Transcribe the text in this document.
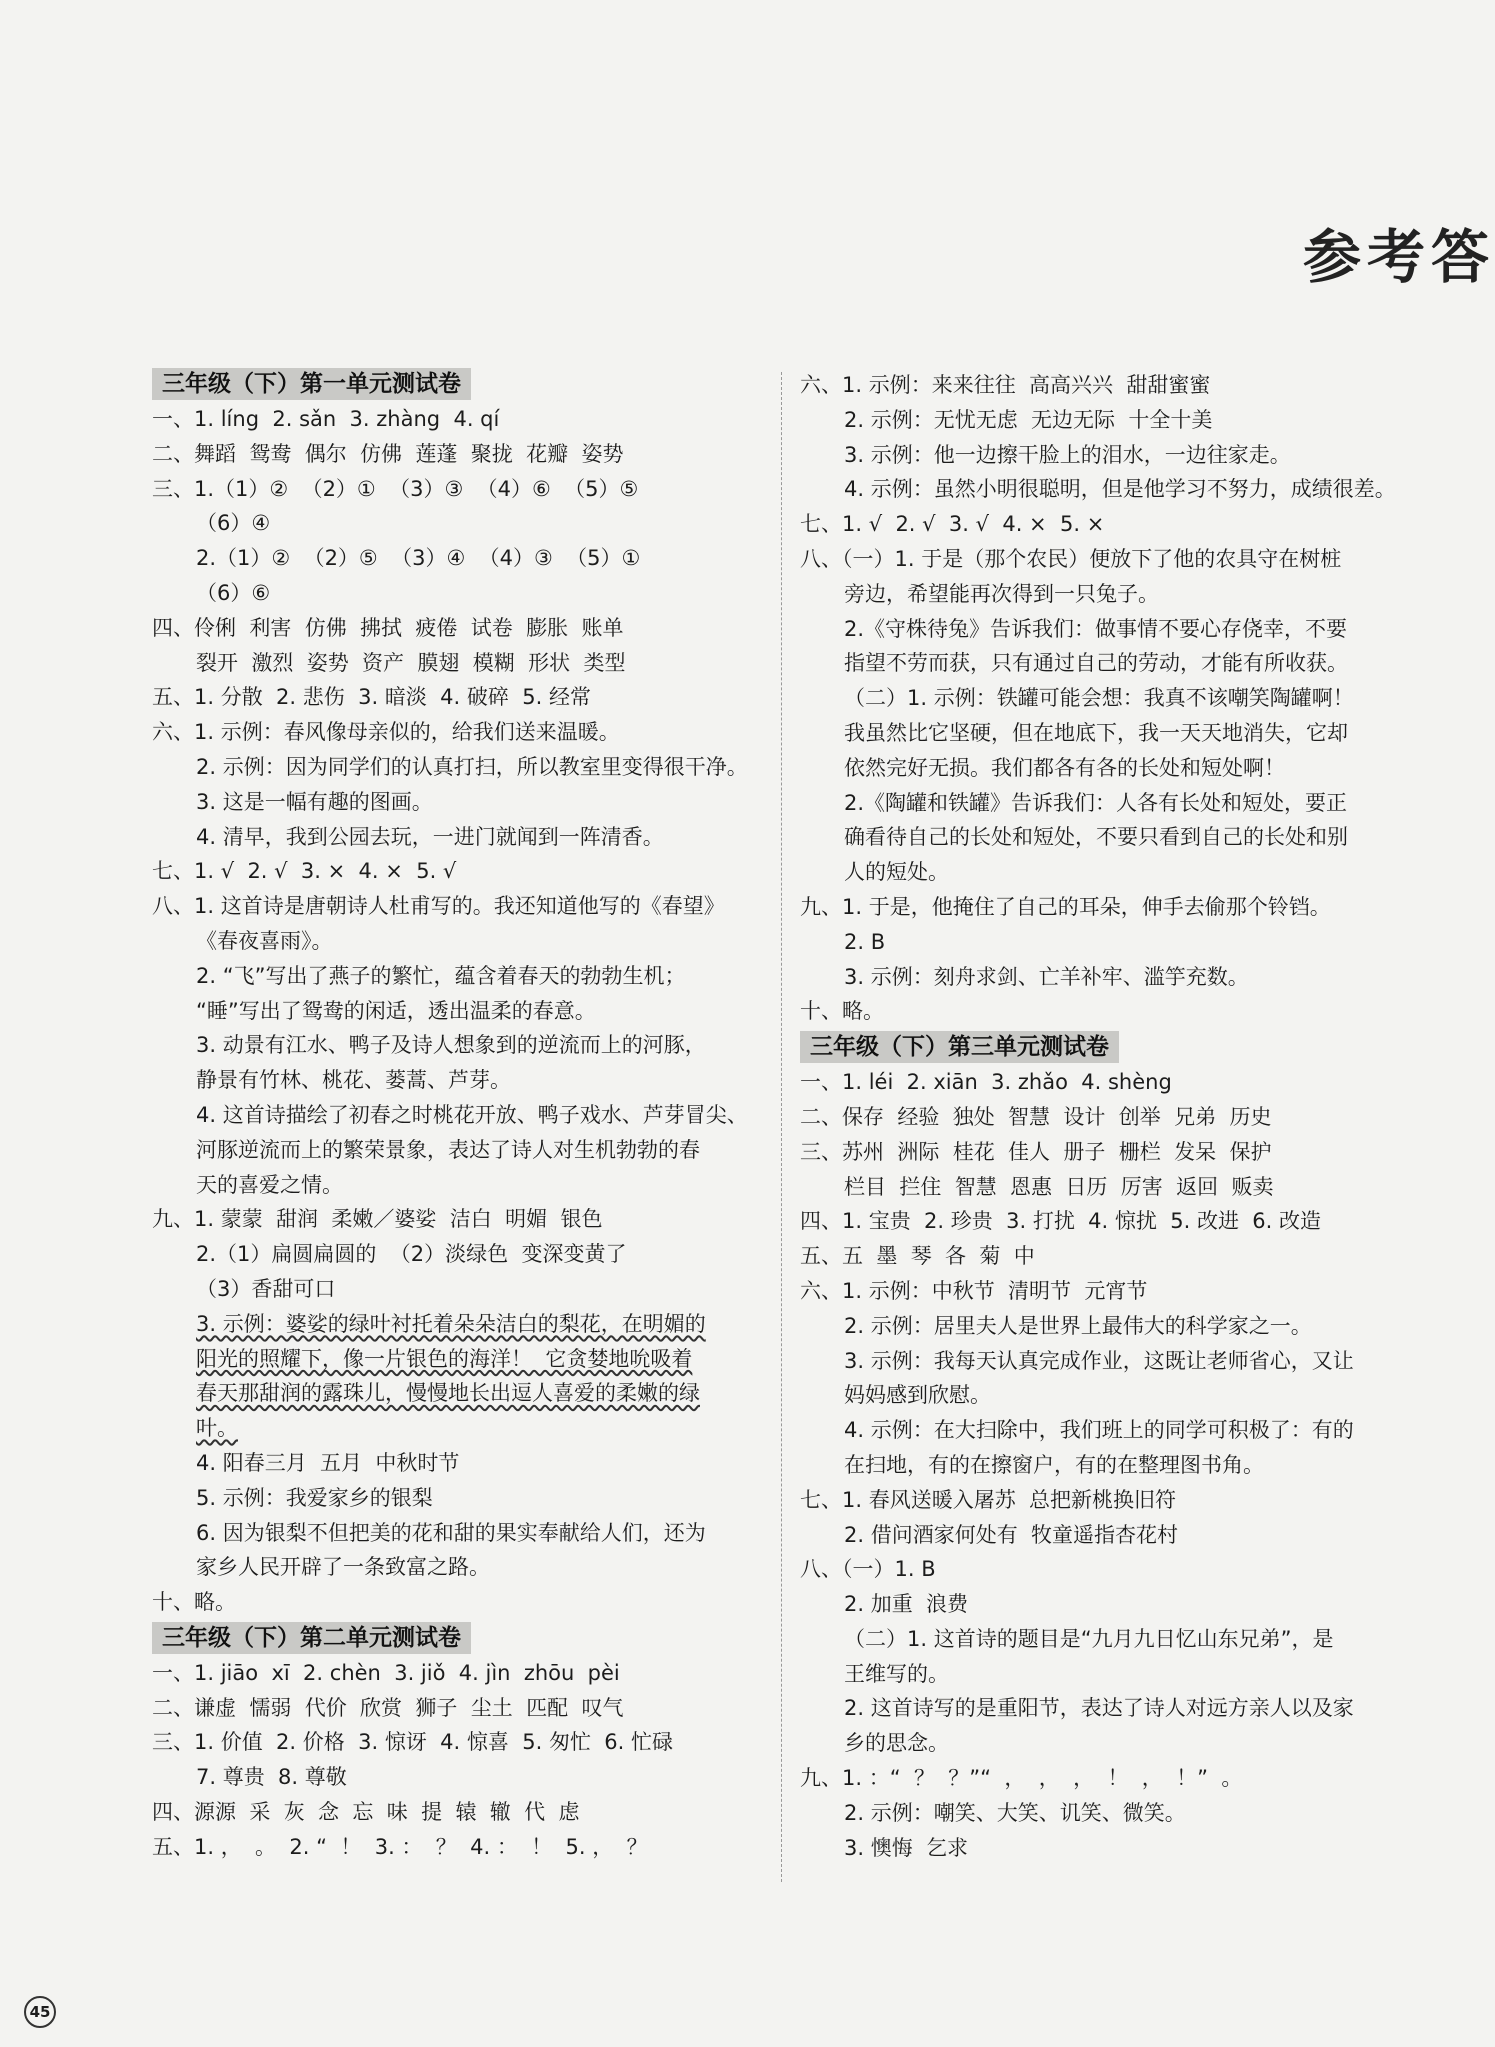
参考答
三年级（下）第一单元测试卷

一、1. líng  2. sǎn  3. zhàng  4. qí
二、舞蹈  鸳鸯  偶尔  仿佛  莲蓬  聚拢  花瓣  姿势
三、1.（1）②  （2）①  （3）③  （4）⑥  （5）⑤
（6）④
2.（1）②  （2）⑤  （3）④  （4）③  （5）①
（6）⑥
四、伶俐  利害  仿佛  拂拭  疲倦  试卷  膨胀  账单
裂开  激烈  姿势  资产  膜翅  模糊  形状  类型
五、1. 分散  2. 悲伤  3. 暗淡  4. 破碎  5. 经常
六、1. 示例：春风像母亲似的，给我们送来温暖。
2. 示例：因为同学们的认真打扫，所以教室里变得很干净。
3. 这是一幅有趣的图画。
4. 清早，我到公园去玩，一进门就闻到一阵清香。
七、1. √  2. √  3. ×  4. ×  5. √
八、1. 这首诗是唐朝诗人杜甫写的。我还知道他写的《春望》
《春夜喜雨》。
2. “飞”写出了燕子的繁忙，蕴含着春天的勃勃生机；
“睡”写出了鸳鸯的闲适，透出温柔的春意。
3. 动景有江水、鸭子及诗人想象到的逆流而上的河豚，
静景有竹林、桃花、蒌蒿、芦芽。
4. 这首诗描绘了初春之时桃花开放、鸭子戏水、芦芽冒尖、
河豚逆流而上的繁荣景象，表达了诗人对生机勃勃的春
天的喜爱之情。
九、1. 蒙蒙  甜润  柔嫩／婆娑  洁白  明媚  银色
2.（1）扁圆扁圆的  （2）淡绿色  变深变黄了
（3）香甜可口
3. 示例：婆娑的绿叶衬托着朵朵洁白的梨花，在明媚的
阳光的照耀下，像一片银色的海洋！  它贪婪地吮吸着
春天那甜润的露珠儿，慢慢地长出逗人喜爱的柔嫩的绿
叶。
4. 阳春三月  五月  中秋时节
5. 示例：我爱家乡的银梨
6. 因为银梨不但把美的花和甜的果实奉献给人们，还为
家乡人民开辟了一条致富之路。
十、略。
三年级（下）第二单元测试卷

一、1. jiāo  xī  2. chèn  3. jiǒ  4. jìn  zhōu  pèi
二、谦虚  懦弱  代价  欣赏  狮子  尘土  匹配  叹气
三、1. 价值  2. 价格  3. 惊讶  4. 惊喜  5. 匆忙  6. 忙碌
7. 尊贵  8. 尊敬
四、源源  采  灰  念  忘  味  提  辕  辙  代  虑
五、1. ，  。  2. “  ！  3. ：  ？  4. ：  ！  5. ，  ？
六、1. 示例：来来往往  高高兴兴  甜甜蜜蜜
2. 示例：无忧无虑  无边无际  十全十美
3. 示例：他一边擦干脸上的泪水，一边往家走。
4. 示例：虽然小明很聪明，但是他学习不努力，成绩很差。
七、1. √  2. √  3. √  4. ×  5. ×
八、（一）1. 于是（那个农民）便放下了他的农具守在树桩
旁边，希望能再次得到一只兔子。
2.《守株待兔》告诉我们：做事情不要心存侥幸，不要
指望不劳而获，只有通过自己的劳动，才能有所收获。
（二）1. 示例：铁罐可能会想：我真不该嘲笑陶罐啊！
我虽然比它坚硬，但在地底下，我一天天地消失，它却
依然完好无损。我们都各有各的长处和短处啊！
2.《陶罐和铁罐》告诉我们：人各有长处和短处，要正
确看待自己的长处和短处，不要只看到自己的长处和别
人的短处。
九、1. 于是，他掩住了自己的耳朵，伸手去偷那个铃铛。
2. B
3. 示例：刻舟求剑、亡羊补牢、滥竽充数。
十、略。
三年级（下）第三单元测试卷

一、1. léi  2. xiān  3. zhǎo  4. shèng
二、保存  经验  独处  智慧  设计  创举  兄弟  历史
三、苏州  洲际  桂花  佳人  册子  栅栏  发呆  保护
栏目  拦住  智慧  恩惠  日历  厉害  返回  贩卖
四、1. 宝贵  2. 珍贵  3. 打扰  4. 惊扰  5. 改进  6. 改造
五、五  墨  琴  各  菊  中
六、1. 示例：中秋节  清明节  元宵节
2. 示例：居里夫人是世界上最伟大的科学家之一。
3. 示例：我每天认真完成作业，这既让老师省心，又让
妈妈感到欣慰。
4. 示例：在大扫除中，我们班上的同学可积极了：有的
在扫地，有的在擦窗户，有的在整理图书角。
七、1. 春风送暖入屠苏  总把新桃换旧符
2. 借问酒家何处有  牧童遥指杏花村
八、（一）1. B
2. 加重  浪费
（二）1. 这首诗的题目是“九月九日忆山东兄弟”，是
王维写的。
2. 这首诗写的是重阳节，表达了诗人对远方亲人以及家
乡的思念。
九、1. ：“  ？  ？”“  ，  ，  ，  ！  ，  ！”  。
2. 示例：嘲笑、大笑、讥笑、微笑。
3. 懊悔  乞求
45
